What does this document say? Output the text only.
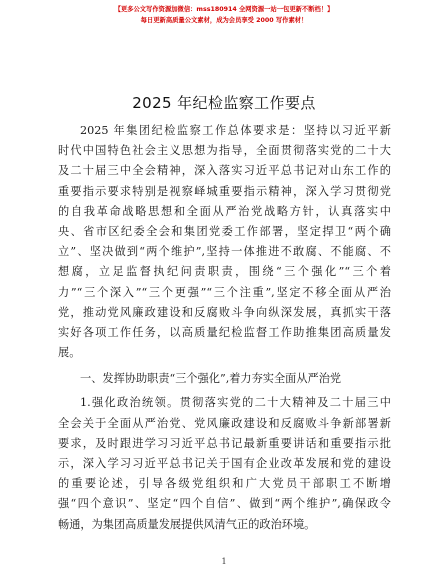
【更多公文写作资源加微信：mss180914 全网资源一站一包更新不断档！】
每日更新高质量公文素材，成为会员享受 2000 写作素材！
2025 年纪检监察工作要点
2025 年集团纪检监察工作总体要求是：坚持以习近平新
时代中国特色社会主义思想为指导，全面贯彻落实党的二十大
及二十届三中全会精神，深入落实习近平总书记对山东工作的
重要指示要求特别是视察峄城重要指示精神，深入学习贯彻党
的自我革命战略思想和全面从严治党战略方针，认真落实中
央、省市区纪委全会和集团党委工作部署，坚定捍卫“两个确
立”、坚决做到“两个维护”,坚持一体推进不敢腐、不能腐、不
想腐，立足监督执纪问责职责，围绕“三个强化”“三个着
力”“三个深入”“三个更强”“三个注重”,坚定不移全面从严治
党，推动党风廉政建设和反腐败斗争向纵深发展，真抓实干落
实好各项工作任务，以高质量纪检监督工作助推集团高质量发
展。
一、发挥协助职责“三个强化”,着力夯实全面从严治党
1.强化政治统领。贯彻落实党的二十大精神及二十届三中
全会关于全面从严治党、党风廉政建设和反腐败斗争新部署新
要求，及时跟进学习习近平总书记最新重要讲话和重要指示批
示，深入学习习近平总书记关于国有企业改革发展和党的建设
的重要论述，引导各级党组织和广大党员干部职工不断增
强“四个意识”、坚定“四个自信”、做到“两个维护”,确保政令
畅通，为集团高质量发展提供风清气正的政治环境。
1
